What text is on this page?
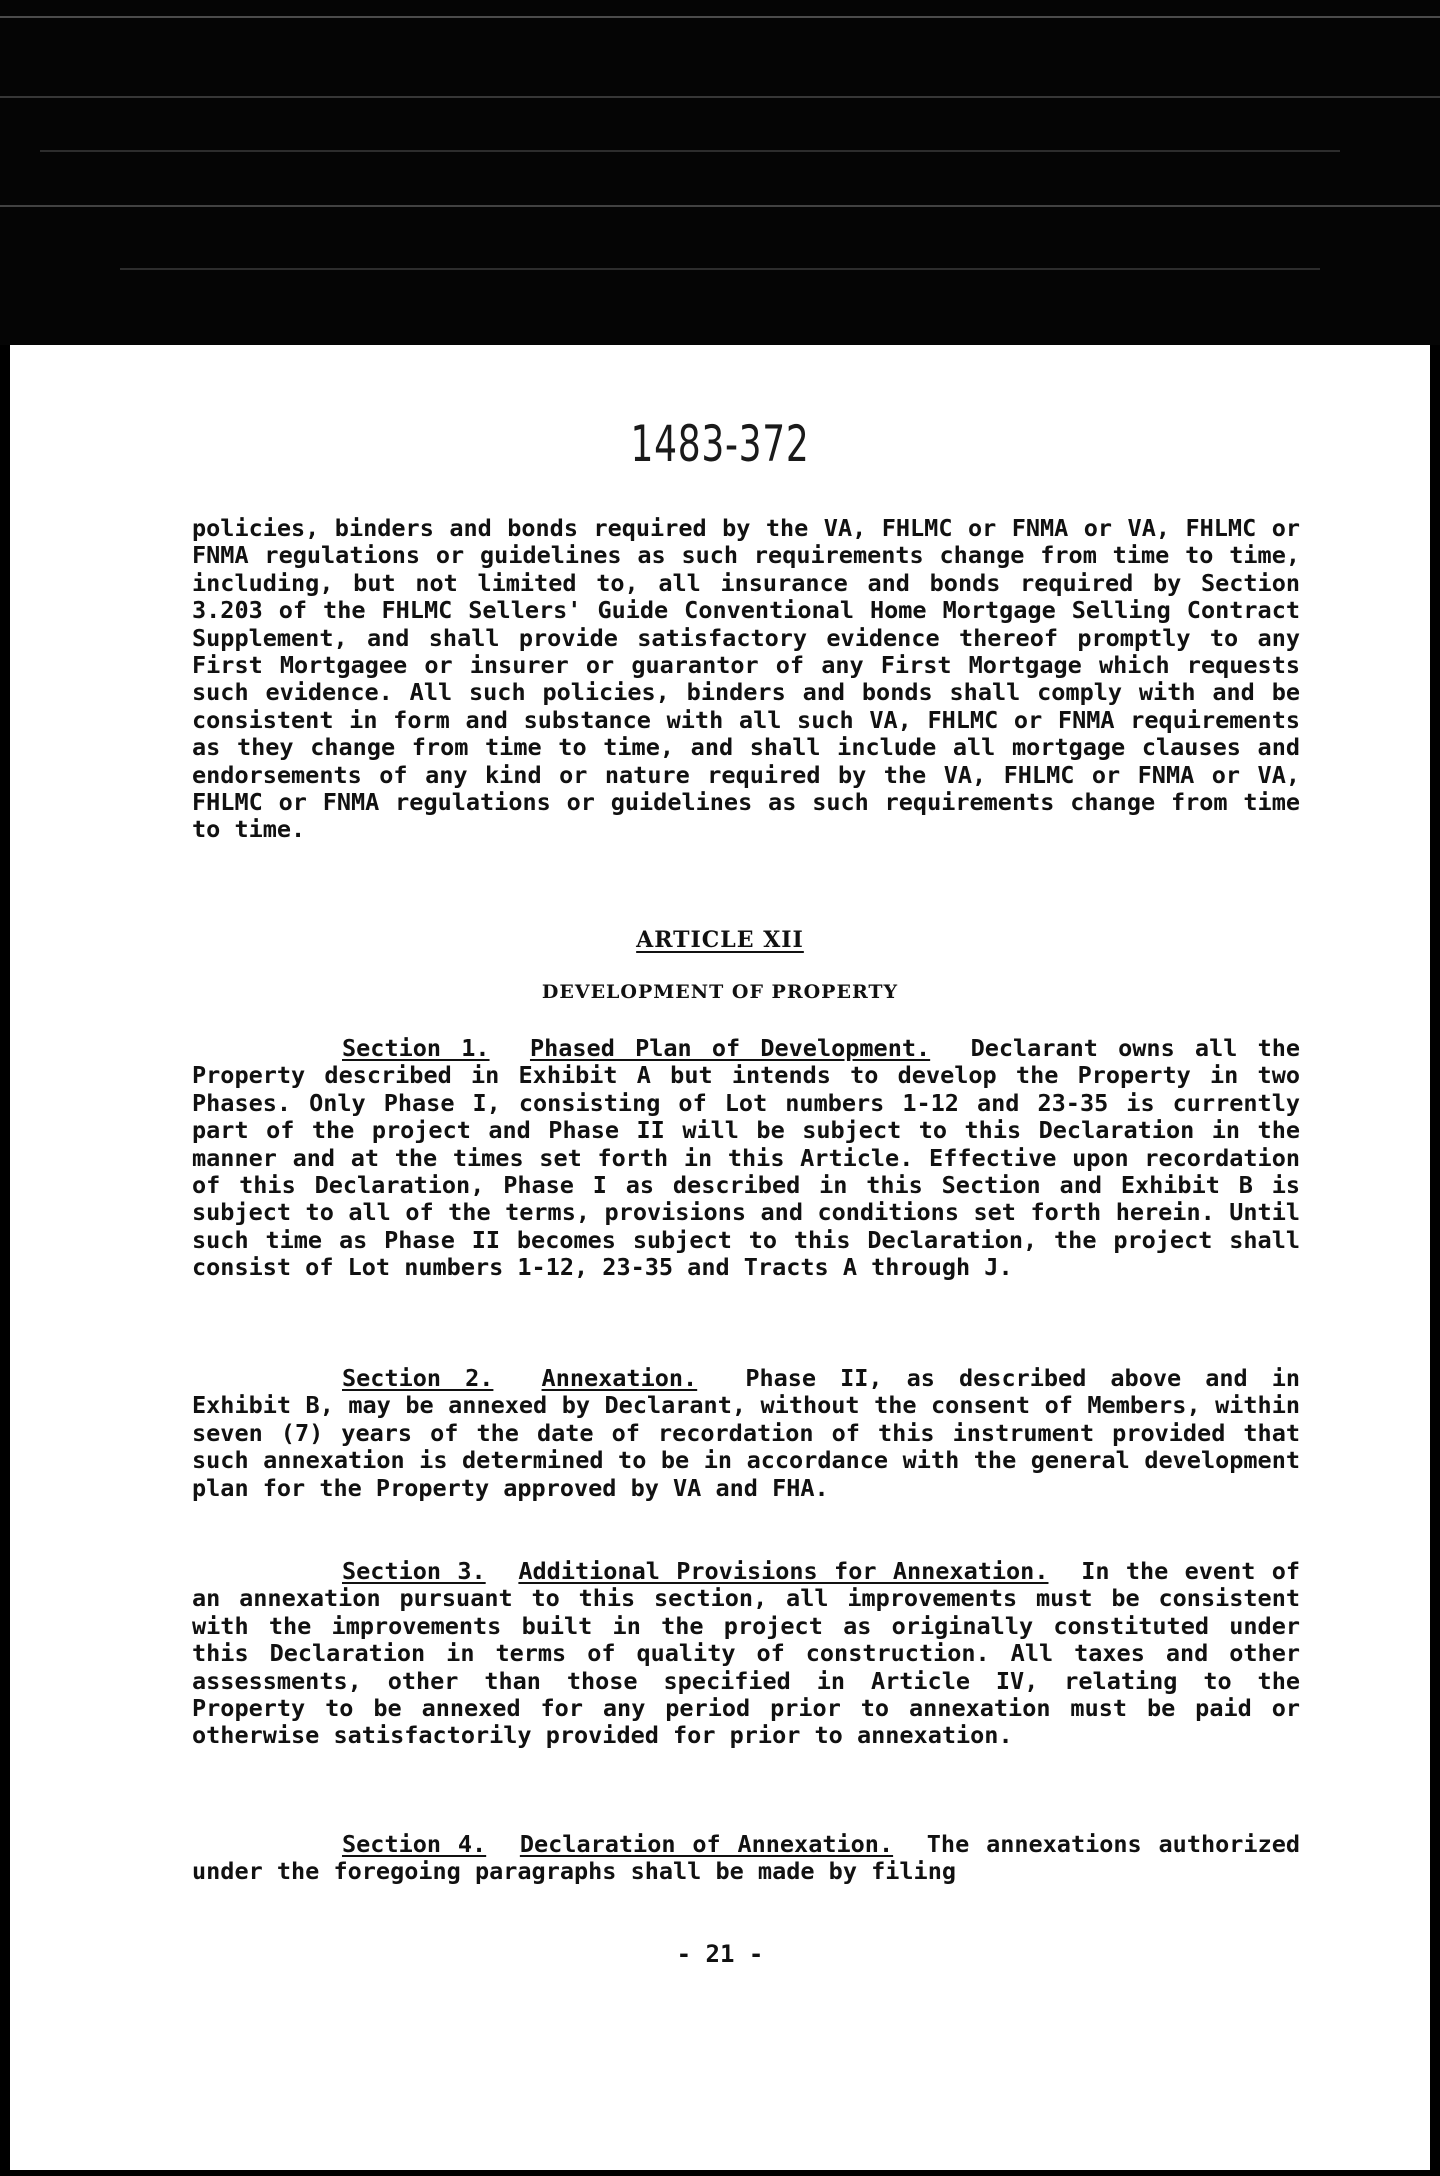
1483-372

policies, binders and bonds required by the VA, FHLMC or FNMA or VA, FHLMC or FNMA regulations or guidelines as such requirements change from time to time, including, but not limited to, all insurance and bonds required by Section 3.203 of the FHLMC Sellers' Guide Conventional Home Mortgage Selling Contract Supplement, and shall provide satisfactory evidence thereof promptly to any First Mortgagee or insurer or guarantor of any First Mortgage which requests such evidence. All such policies, binders and bonds shall comply with and be consistent in form and substance with all such VA, FHLMC or FNMA requirements as they change from time to time, and shall include all mortgage clauses and endorsements of any kind or nature required by the VA, FHLMC or FNMA or VA, FHLMC or FNMA regulations or guidelines as such requirements change from time to time.

ARTICLE XII

DEVELOPMENT OF PROPERTY

Section 1. Phased Plan of Development. Declarant owns all the Property described in Exhibit A but intends to develop the Property in two Phases. Only Phase I, consisting of Lot numbers 1-12 and 23-35 is currently part of the project and Phase II will be subject to this Declaration in the manner and at the times set forth in this Article. Effective upon recordation of this Declaration, Phase I as described in this Section and Exhibit B is subject to all of the terms, provisions and conditions set forth herein. Until such time as Phase II becomes subject to this Declaration, the project shall consist of Lot numbers 1-12, 23-35 and Tracts A through J.

Section 2. Annexation. Phase II, as described above and in Exhibit B, may be annexed by Declarant, without the consent of Members, within seven (7) years of the date of recordation of this instrument provided that such annexation is determined to be in accordance with the general development plan for the Property approved by VA and FHA.

Section 3. Additional Provisions for Annexation. In the event of an annexation pursuant to this section, all improvements must be consistent with the improvements built in the project as originally constituted under this Declaration in terms of quality of construction. All taxes and other assessments, other than those specified in Article IV, relating to the Property to be annexed for any period prior to annexation must be paid or otherwise satisfactorily provided for prior to annexation.

Section 4. Declaration of Annexation. The annexations authorized under the foregoing paragraphs shall be made by filing

- 21 -
